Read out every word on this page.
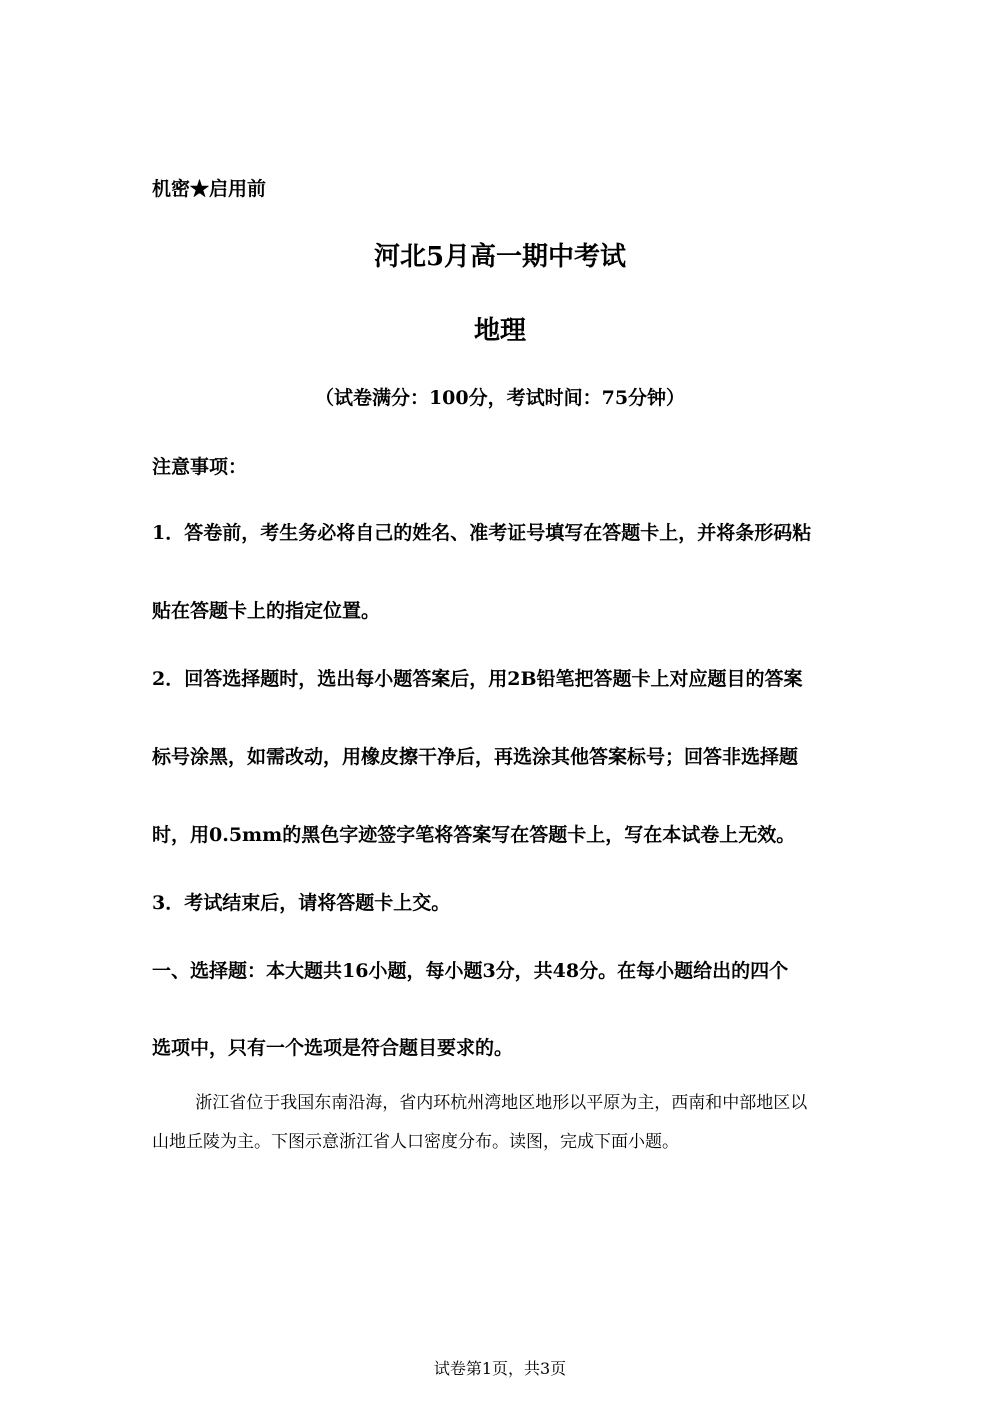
机密★启用前
河北5月高一期中考试
地理
（试卷满分：100分，考试时间：75分钟）
注意事项：
1．答卷前，考生务必将自己的姓名、准考证号填写在答题卡上，并将条形码粘
贴在答题卡上的指定位置。
2．回答选择题时，选出每小题答案后，用2B铅笔把答题卡上对应题目的答案
标号涂黑，如需改动，用橡皮擦干净后，再选涂其他答案标号；回答非选择题
时，用0.5mm的黑色字迹签字笔将答案写在答题卡上，写在本试卷上无效。
3．考试结束后，请将答题卡上交。
一、选择题：本大题共16小题，每小题3分，共48分。在每小题给出的四个
选项中，只有一个选项是符合题目要求的。
浙江省位于我国东南沿海，省内环杭州湾地区地形以平原为主，西南和中部地区以
山地丘陵为主。下图示意浙江省人口密度分布。读图，完成下面小题。
试卷第1页，共3页
